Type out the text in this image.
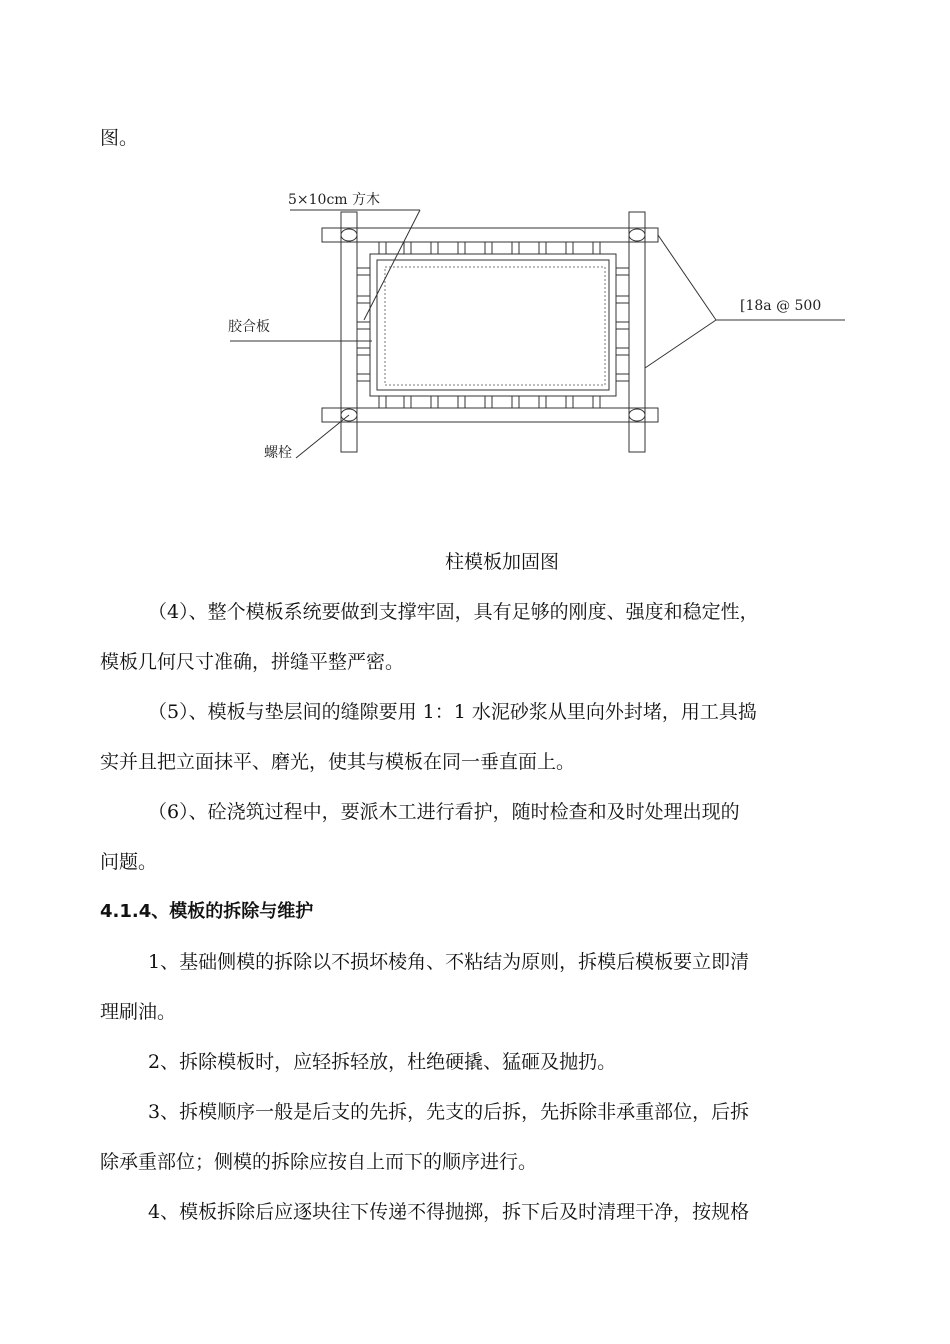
图。
5×10cm 方木
胶合板
[18a @ 500
螺栓
柱模板加固图
（4）、整个模板系统要做到支撑牢固，具有足够的刚度、强度和稳定性，
模板几何尺寸准确，拼缝平整严密。
（5）、模板与垫层间的缝隙要用 1：1 水泥砂浆从里向外封堵，用工具捣
实并且把立面抹平、磨光，使其与模板在同一垂直面上。
（6）、砼浇筑过程中，要派木工进行看护，随时检查和及时处理出现的
问题。
4.1.4、模板的拆除与维护
1、基础侧模的拆除以不损坏棱角、不粘结为原则，拆模后模板要立即清
理刷油。
2、拆除模板时，应轻拆轻放，杜绝硬撬、猛砸及抛扔。
3、拆模顺序一般是后支的先拆，先支的后拆，先拆除非承重部位，后拆
除承重部位；侧模的拆除应按自上而下的顺序进行。
4、模板拆除后应逐块往下传递不得抛掷，拆下后及时清理干净，按规格
